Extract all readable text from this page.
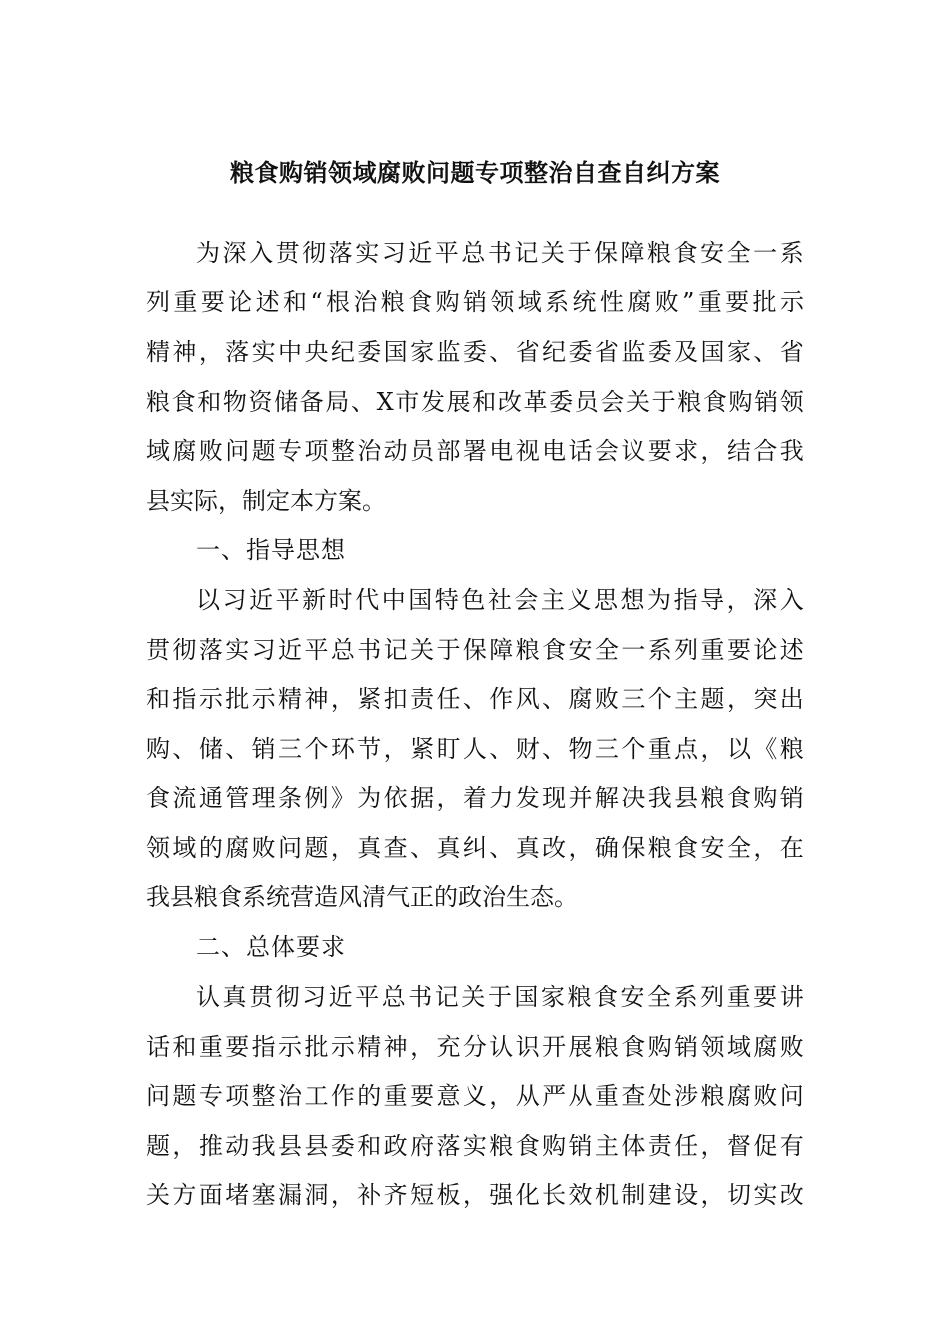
粮食购销领域腐败问题专项整治自查自纠方案
为 深 入 贯 彻 落 实 习 近 平 总 书 记 关 于 保 障 粮 食 安 全 一 系
列 重 要 论 述 和 “ 根 治 粮 食 购 销 领 域 系 统 性 腐 败 ” 重 要 批 示
精 神 ， 落 实 中 央 纪 委 国 家 监 委 、 省 纪 委 省 监 委 及 国 家 、 省
粮 食 和 物 资 储 备 局 、 X 市 发 展 和 改 革 委 员 会 关 于 粮 食 购 销 领
域 腐 败 问 题 专 项 整 治 动 员 部 署 电 视 电 话 会 议 要 求 ， 结 合 我
县实际，制定本方案。
一、指导思想
以 习 近 平 新 时 代 中 国 特 色 社 会 主 义 思 想 为 指 导 ， 深 入
贯 彻 落 实 习 近 平 总 书 记 关 于 保 障 粮 食 安 全 一 系 列 重 要 论 述
和 指 示 批 示 精 神 ， 紧 扣 责 任 、 作 风 、 腐 败 三 个 主 题 ， 突 出
购 、 储 、 销 三 个 环 节 ， 紧 盯 人 、 财 、 物 三 个 重 点 ， 以 《 粮
食 流 通 管 理 条 例 》 为 依 据 ， 着 力 发 现 并 解 决 我 县 粮 食 购 销
领 域 的 腐 败 问 题 ， 真 查 、 真 纠 、 真 改 ， 确 保 粮 食 安 全 ， 在
我县粮食系统营造风清气正的政治生态。
二、总体要求
认 真 贯 彻 习 近 平 总 书 记 关 于 国 家 粮 食 安 全 系 列 重 要 讲
话 和 重 要 指 示 批 示 精 神 ， 充 分 认 识 开 展 粮 食 购 销 领 域 腐 败
问 题 专 项 整 治 工 作 的 重 要 意 义 ， 从 严 从 重 查 处 涉 粮 腐 败 问
题 ， 推 动 我 县 县 委 和 政 府 落 实 粮 食 购 销 主 体 责 任 ， 督 促 有
关 方 面 堵 塞 漏 洞 ， 补 齐 短 板 ， 强 化 长 效 机 制 建 设 ， 切 实 改
